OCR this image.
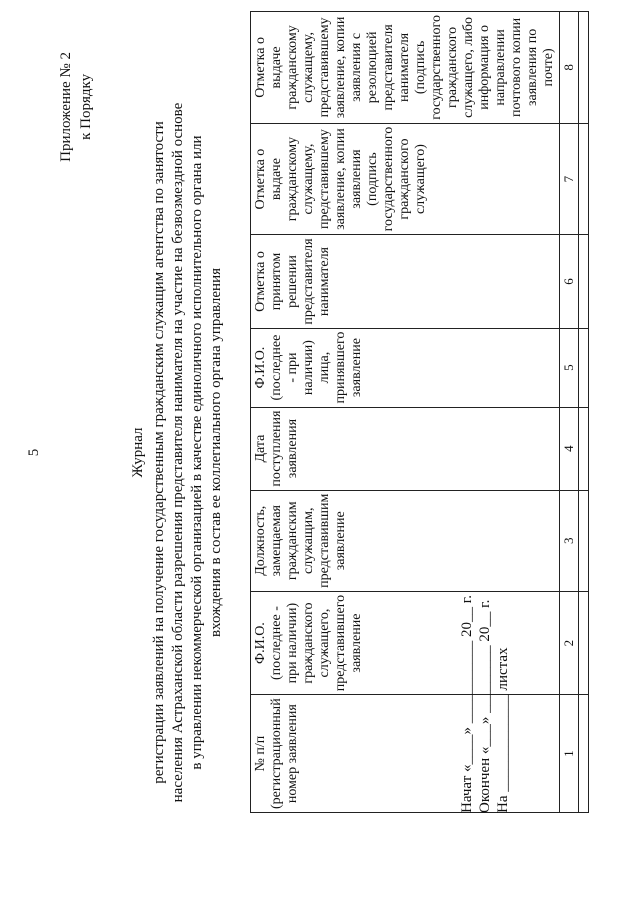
5
Приложение № 2 к Порядку
Журнал регистрации заявлений на получение государственным гражданским служащим агентства по занятости населения Астраханской области разрешения представителя нанимателя на участие на безвозмездной основе в управлении некоммерческой организацией в качестве единоличного исполнительного органа или вхождения в состав ее коллегиального органа управления
№ п/п (регистрационный номер заявления	Ф.И.О. (последнее - при наличии) гражданского служащего, представившего заявление	Должность, замещаемая гражданским служащим, представившим заявление	Дата поступления заявления	Ф.И.О. (последнее - при наличии) лица, принявшего заявление	Отметка о принятом решении представителя нанимателя	Отметка о выдаче гражданскому служащему, представившему заявление, копии заявления (подпись государственного гражданского служащего)	Отметка о выдаче гражданскому служащему, представившему заявление, копии заявления с резолюцией представителя нанимателя (подпись государственного гражданского служащего, либо информация о направлении почтового копии заявления по почте)
1	2	3	4	5	6	7	8

Начат «____» ___________ 20__ г. Окончен «___» _________ 20__ г. На _____________ листах
